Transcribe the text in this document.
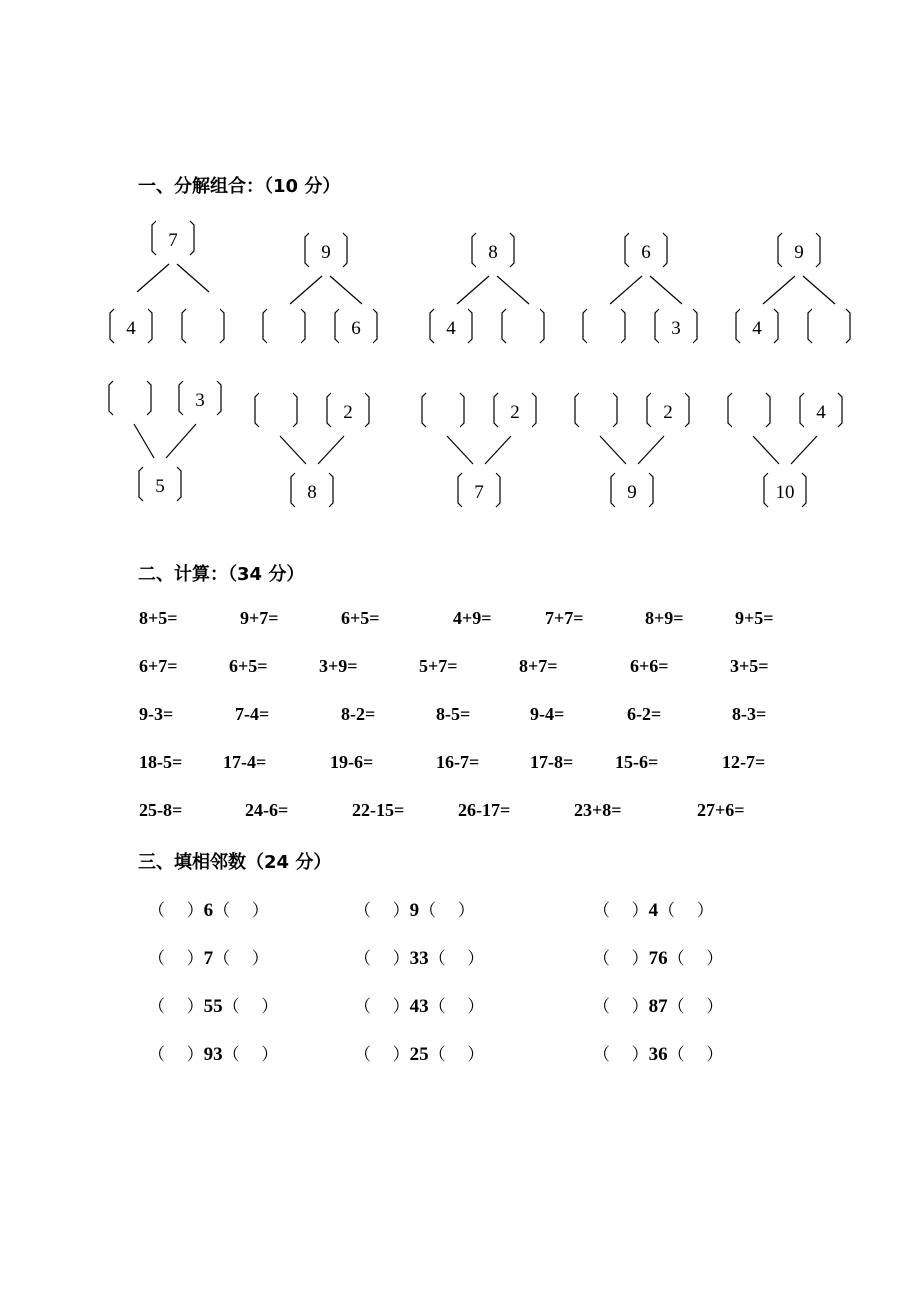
一、分解组合：（10 分）
7
4
9
6
8
4
6
3
9
4
3
5
2
8
2
7
2
9
4
10
二、计算：（34 分）
8+5=	9+7=	6+5=	4+9=	7+7=	8+9=	9+5=
6+7=	6+5=	3+9=	5+7=	8+7=	6+6=	3+5=
9-3=	7-4=	8-2=	8-5=	9-4=	6-2=	8-3=
18-5= 17-4=	19-6=	16-7=	17-8= 15-6=	12-7=
25-8=	24-6=	22-15=	26-17=	23+8=	27+6=
三、填相邻数（24 分）
（    ）6（    ）	（    ）9（    ）	（    ）4（    ）
（    ）7（    ）	（    ）33（    ）	（    ）76（    ）
（    ）55（    ）	（    ）43（    ）	（    ）87（    ）
（    ）93（    ）	（    ）25（    ）	（    ）36（    ）
